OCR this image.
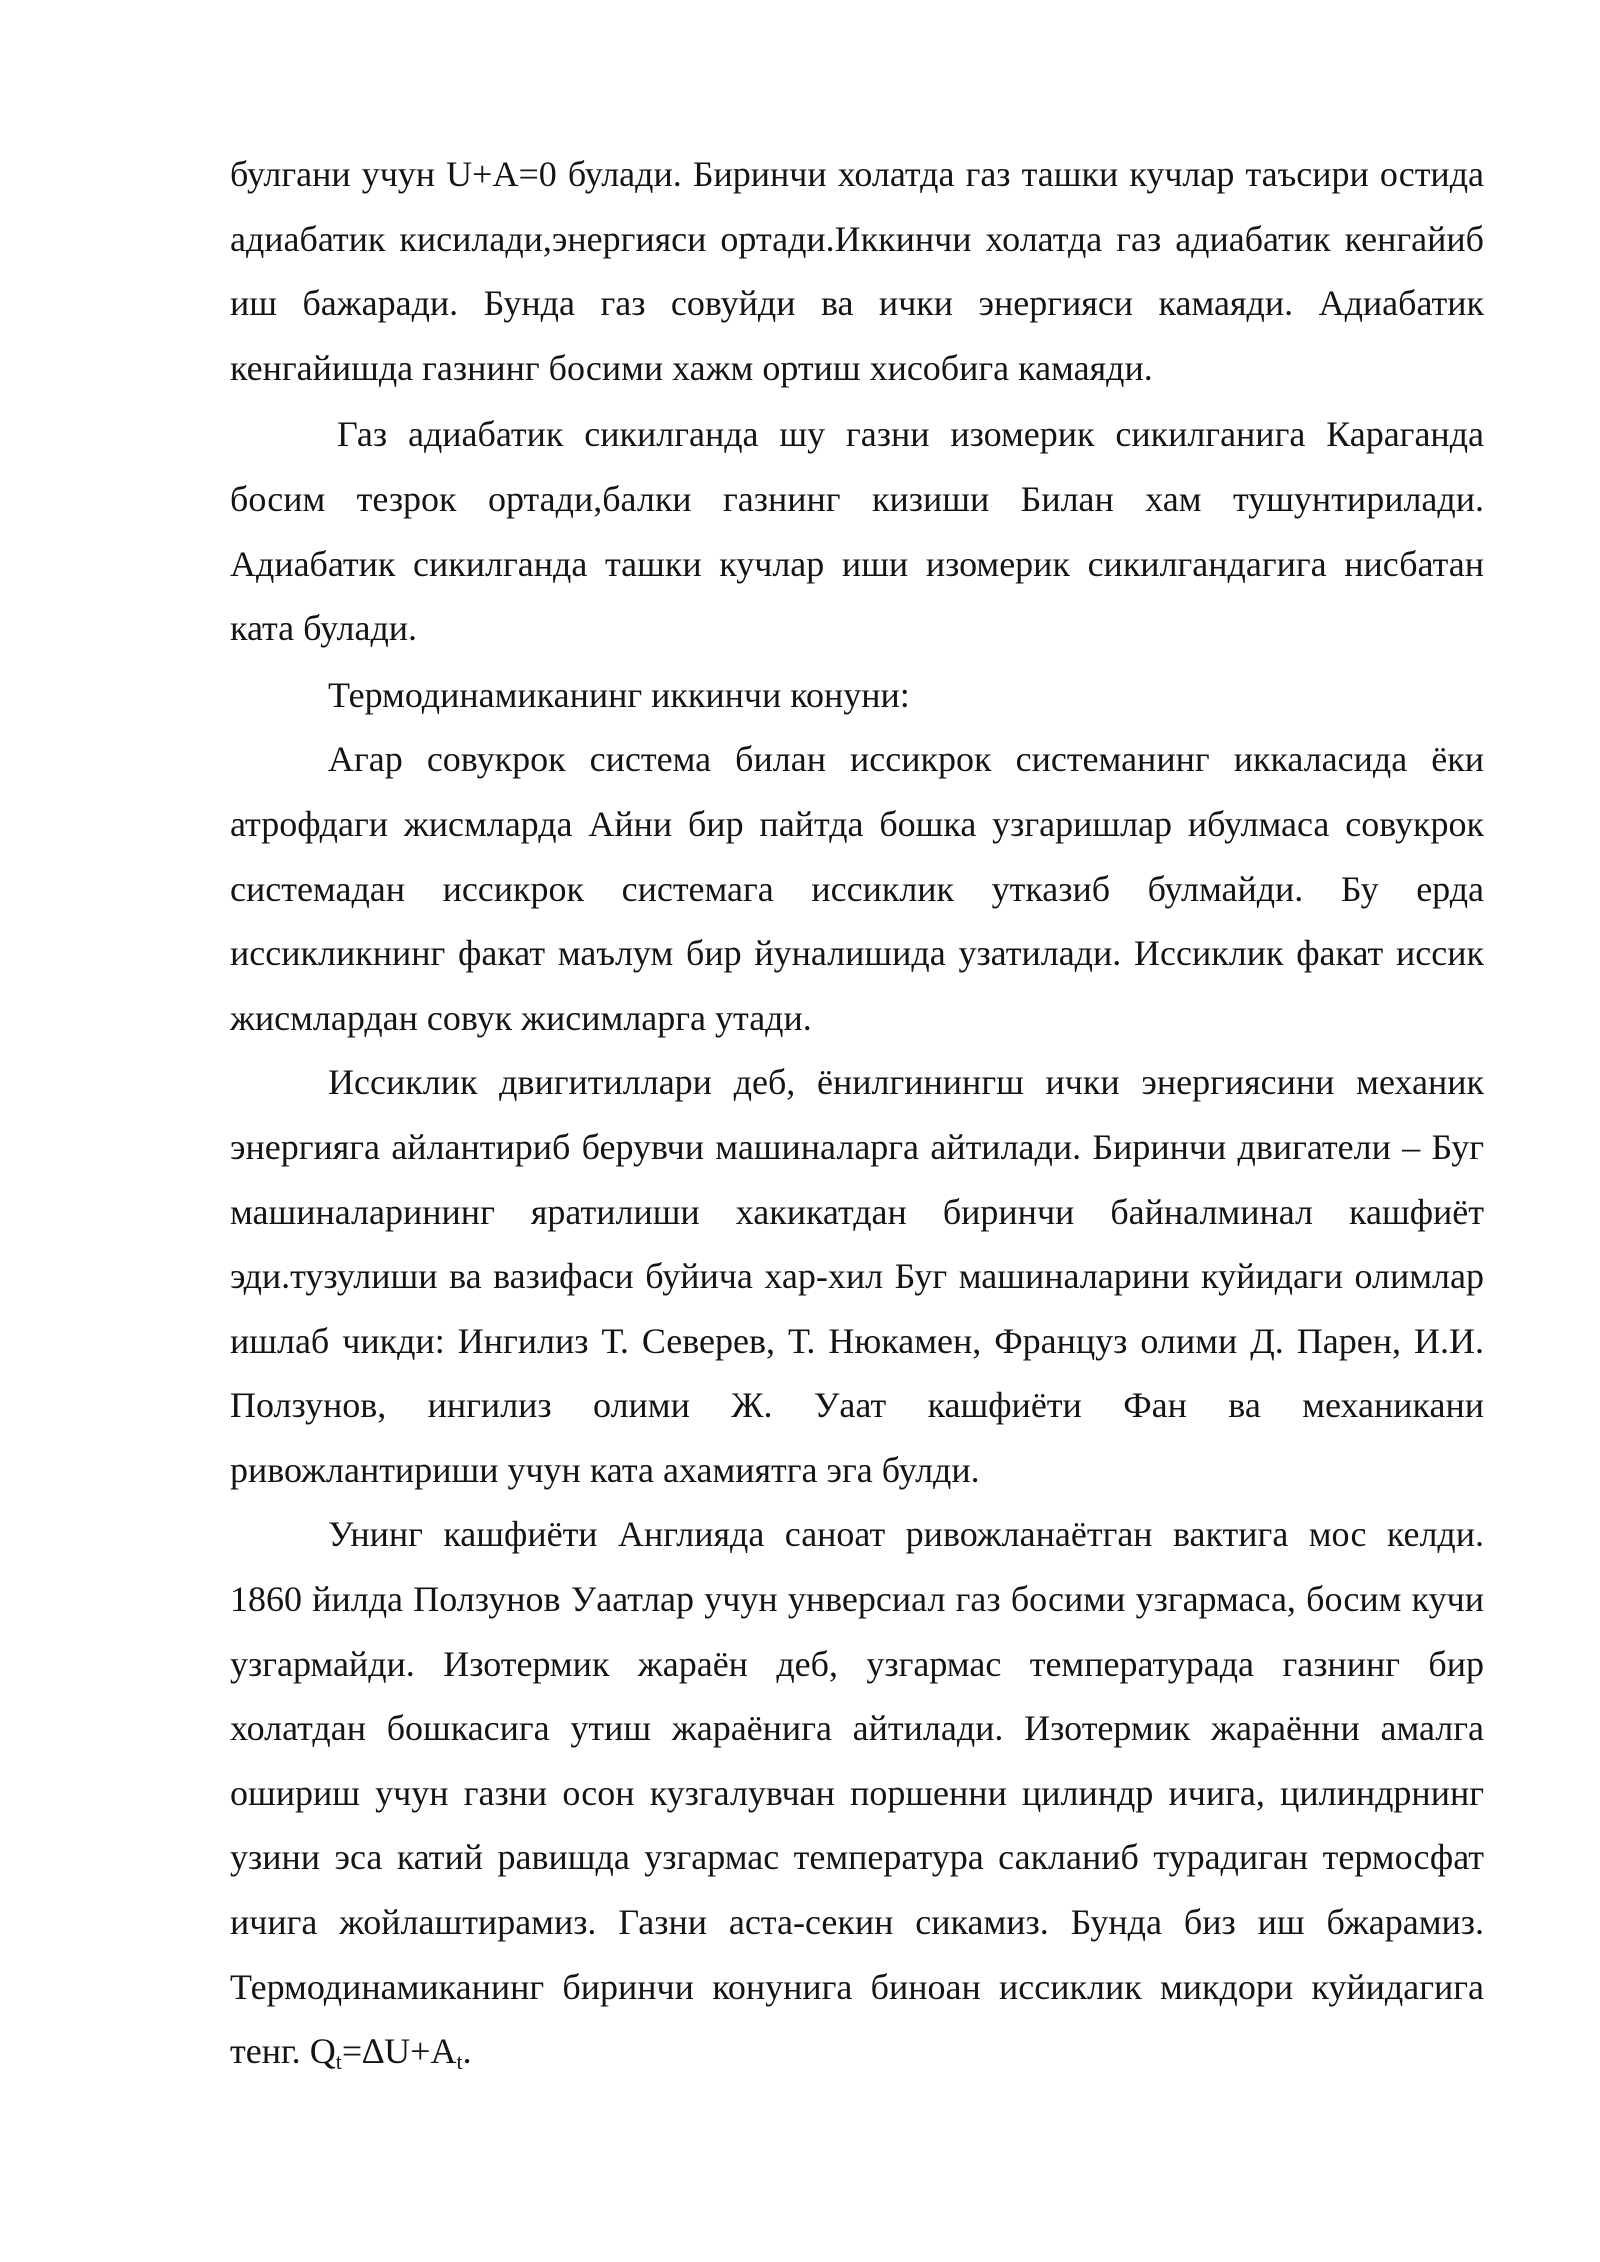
булгани учун U+A=0 булади. Биринчи холатда газ ташки кучлар таъсири остида адиабатик кисилади,энергияси ортади.Иккинчи холатда газ адиабатик кенгайиб иш бажаради. Бунда газ совуйди ва ички энергияси камаяди. Адиабатик кенгайишда газнинг босими хажм ортиш хисобига камаяди.

Газ адиабатик сикилганда шу газни изомерик сикилганига Караганда босим тезрок ортади,балки газнинг кизиши Билан хам тушунтирилади. Адиабатик сикилганда ташки кучлар иши изомерик сикилгандагига нисбатан ката булади.

Термодинамиканинг иккинчи конуни:

Агар совукрок система билан иссикрок системанинг иккаласида ёки атрофдаги жисмларда Айни бир пайтда бошка узгаришлар ибулмаса совукрок системадан иссикрок системага иссиклик утказиб булмайди. Бу ерда иссикликнинг факат маълум бир йуналишида узатилади. Иссиклик факат иссик жисмлардан совук жисимларга утади.

Иссиклик двигитиллари деб, ёнилгинингш ички энергиясини механик энергияга айлантириб берувчи машиналарга айтилади. Биринчи двигатели – Буг машиналарининг яратилиши хакикатдан биринчи байналминал кашфиёт эди.тузулиши ва вазифаси буйича хар-хил Буг машиналарини куйидаги олимлар ишлаб чикди: Ингилиз Т. Северев, Т. Нюкамен, Француз олими Д. Парен, И.И. Ползунов, ингилиз олими Ж. Уаат кашфиёти Фан ва механикани ривожлантириши учун ката ахамиятга эга булди.

Унинг кашфиёти Англияда саноат ривожланаётган вактига мос келди. 1860 йилда Ползунов Уаатлар учун унверсиал газ босими узгармаса, босим кучи узгармайди. Изотермик жараён деб, узгармас температурада газнинг бир холатдан бошкасига утиш жараёнига айтилади. Изотермик жараённи амалга ошириш учун газни осон кузгалувчан поршенни цилиндр ичига, цилиндрнинг узини эса катий равишда узгармас температура сакланиб турадиган термосфат ичига жойлаштирамиз. Газни аста-секин сикамиз. Бунда биз иш бжарамиз. Термодинамиканинг биринчи конунига биноан иссиклик микдори куйидагига тенг. $Q_t=\Delta U+A_t$.
